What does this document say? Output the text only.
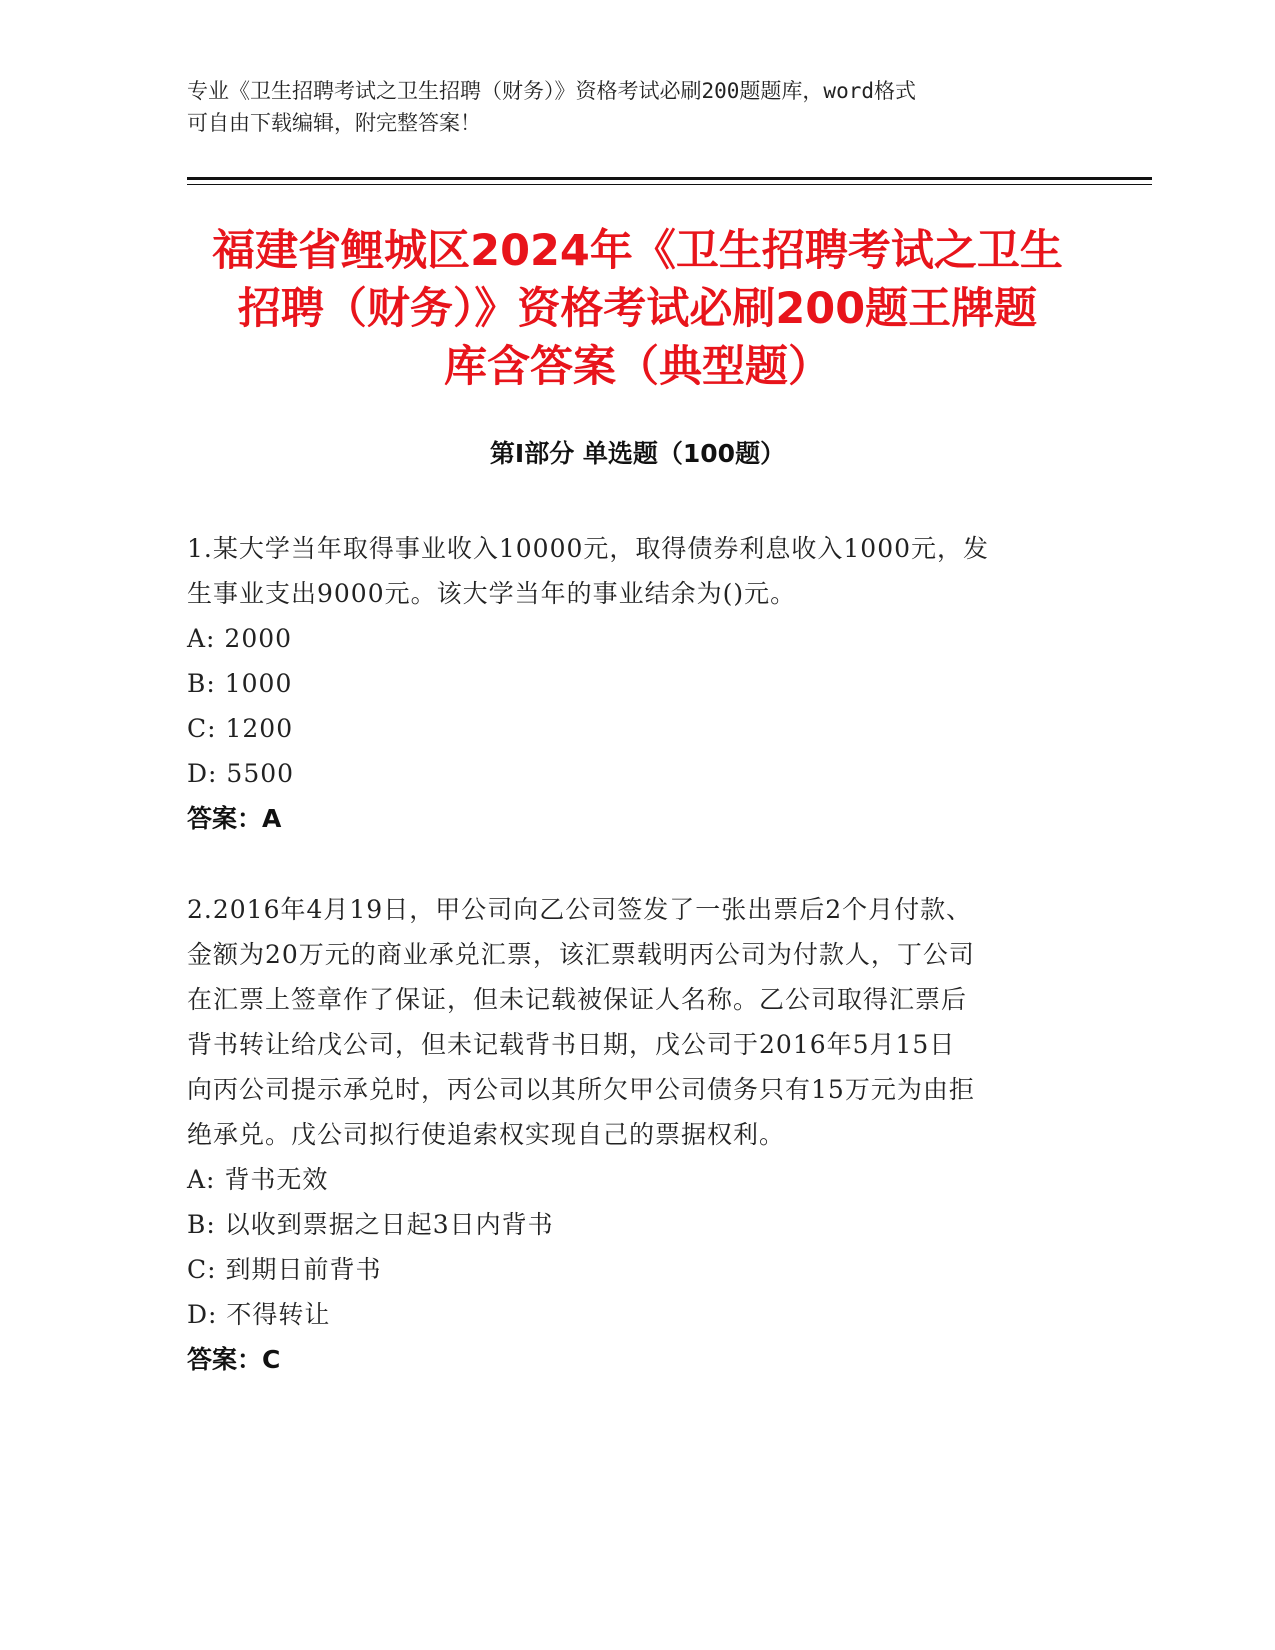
专业《卫生招聘考试之卫生招聘（财务）》资格考试必刷200题题库，word格式
可自由下载编辑，附完整答案！
福建省鲤城区2024年《卫生招聘考试之卫生
招聘（财务）》资格考试必刷200题王牌题
库含答案（典型题）
第Ⅰ部分 单选题（100题）
1.某大学当年取得事业收入10000元，取得债券利息收入1000元，发
生事业支出9000元。该大学当年的事业结余为()元。
A: 2000
B: 1000
C: 1200
D: 5500
答案：A
2.2016年4月19日，甲公司向乙公司签发了一张出票后2个月付款、
金额为20万元的商业承兑汇票，该汇票载明丙公司为付款人，丁公司
在汇票上签章作了保证，但未记载被保证人名称。乙公司取得汇票后
背书转让给戊公司，但未记载背书日期，戊公司于2016年5月15日
向丙公司提示承兑时，丙公司以其所欠甲公司债务只有15万元为由拒
绝承兑。戊公司拟行使追索权实现自己的票据权利。
A: 背书无效
B: 以收到票据之日起3日内背书
C: 到期日前背书
D: 不得转让
答案：C
